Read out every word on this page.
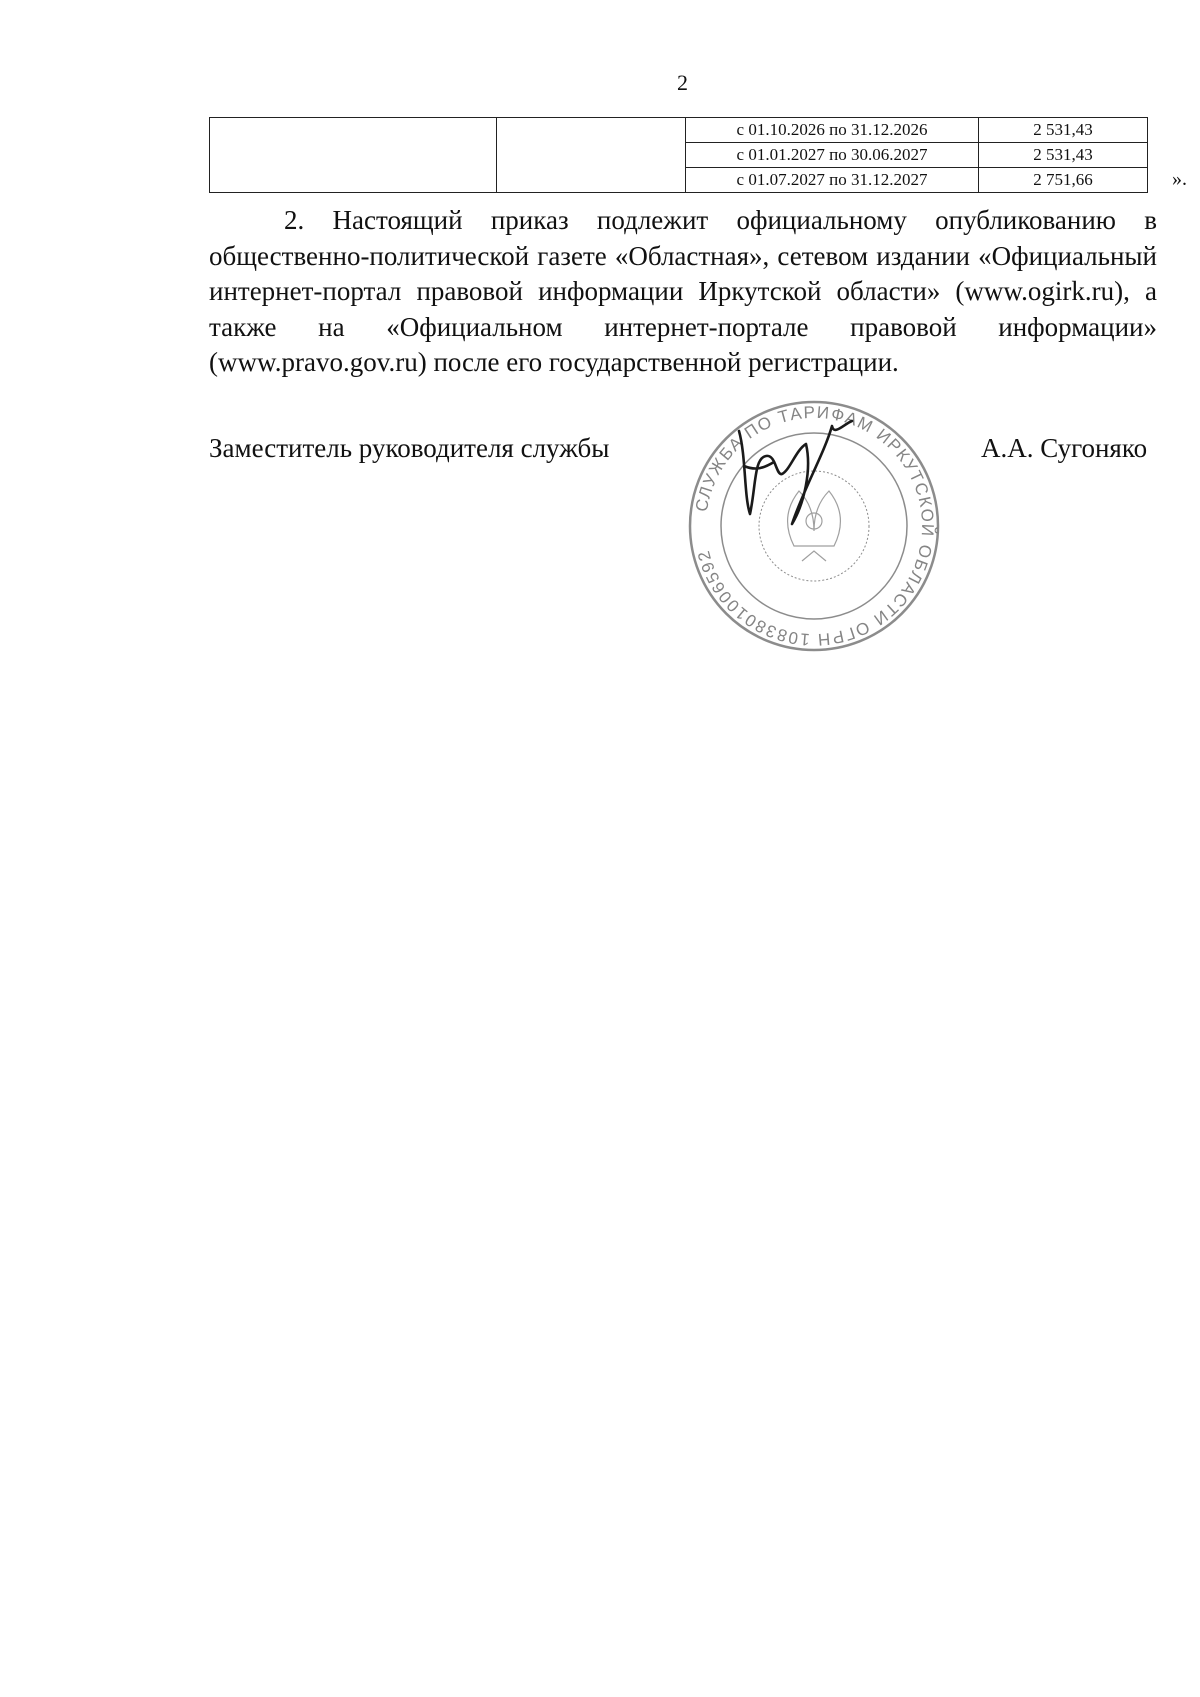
2
		с 01.10.2026 по 31.12.2026	2 531,43
		с 01.01.2027 по 30.06.2027	2 531,43
		с 01.07.2027 по 31.12.2027	2 751,66	».

2. Настоящий приказ подлежит официальному опубликованию в общественно-политической газете «Областная», сетевом издании «Официальный интернет-портал правовой информации Иркутской области» (www.ogirk.ru), а также на «Официальном интернет-портале правовой информации» (www.pravo.gov.ru) после его государственной регистрации.

Заместитель руководителя службы	А.А. Сугоняко
СЛУЖБА ПО ТАРИФАМ ИРКУТСКОЙ ОБЛАСТИ ОГРН 1083801006592
